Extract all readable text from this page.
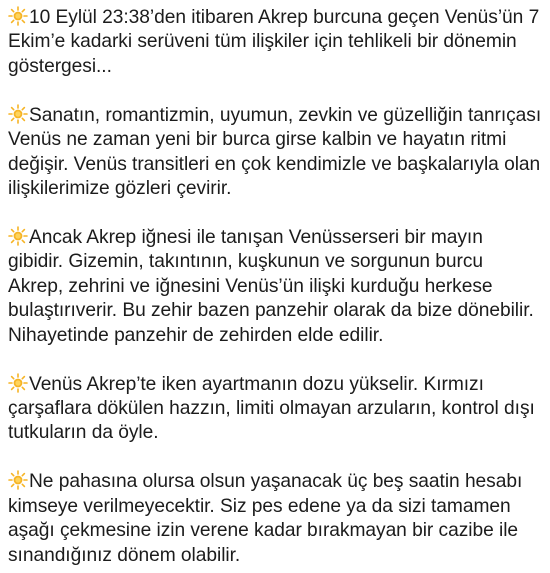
10 Eylül 23:38’den itibaren Akrep burcuna geçen Venüs’ün 7 Ekim’e kadarki serüveni tüm ilişkiler için tehlikeli bir dönemin göstergesi...

Sanatın, romantizmin, uyumun, zevkin ve güzelliğin tanrıçası Venüs ne zaman yeni bir burca girse kalbin ve hayatın ritmi değişir. Venüs transitleri en çok kendimizle ve başkalarıyla olan ilişkilerimize gözleri çevirir.

Ancak Akrep iğnesi ile tanışan Venüsserseri bir mayın gibidir. Gizemin, takıntının, kuşkunun ve sorgunun burcu Akrep, zehrini ve iğnesini Venüs’ün ilişki kurduğu herkese bulaştırıverir. Bu zehir bazen panzehir olarak da bize dönebilir. Nihayetinde panzehir de zehirden elde edilir.

Venüs Akrep’te iken ayartmanın dozu yükselir. Kırmızı çarşaflara dökülen hazzın, limiti olmayan arzuların, kontrol dışı tutkuların da öyle.

Ne pahasına olursa olsun yaşanacak üç beş saatin hesabı kimseye verilmeyecektir. Siz pes edene ya da sizi tamamen aşağı çekmesine izin verene kadar bırakmayan bir cazibe ile sınandığınız dönem olabilir.
